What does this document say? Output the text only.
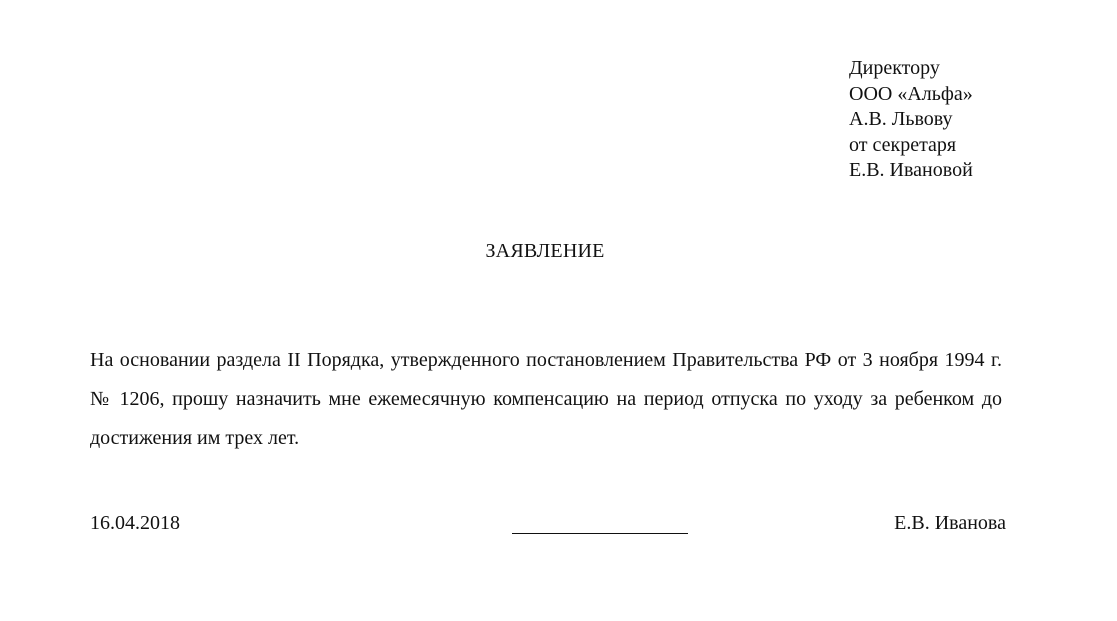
Директору
ООО «Альфа»
А.В. Львову
от секретаря
Е.В. Ивановой
ЗАЯВЛЕНИЕ

На основании раздела II Порядка, утвержденного постановлением Правительства РФ от 3 ноября 1994 г. № 1206, прошу назначить мне ежемесячную компенсацию на период отпуска по уходу за ребенком до достижения им трех лет.

16.04.2018	Е.В. Иванова
